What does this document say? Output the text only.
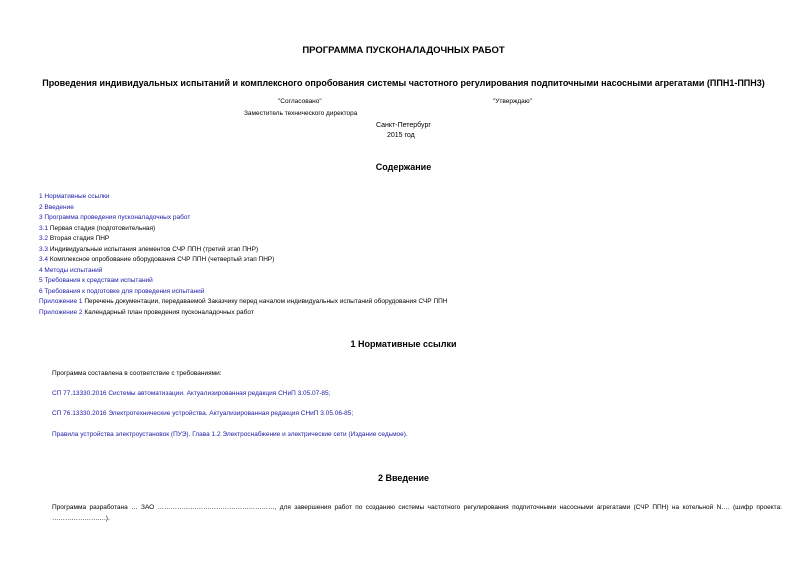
ПРОГРАММА ПУСКОНАЛАДОЧНЫХ РАБОТ
Проведения индивидуальных испытаний и комплексного опробования системы частотного регулирования подпиточными насосными агрегатами (ППН1-ППН3)
"Согласовано"	"Утверждаю"
Заместитель технического директора
Санкт-Петербург
2015 год
Содержание
1 Нормативные ссылки
2 Введение
3 Программа проведения пусконаладочных работ
3.1 Первая стадия (подготовительная)
3.2 Вторая стадия ПНР
3.3 Индивидуальные испытания элементов СЧР ППН (третий этап ПНР)
3.4 Комплексное опробование оборудования СЧР ППН (четвертый этап ПНР)
4 Методы испытаний
5 Требования к средствам испытаний
6 Требования к подготовке для проведения испытаний
Приложение 1 Перечень документации, передаваемой Заказчику перед началом индивидуальных испытаний оборудования СЧР ППН
Приложение 2 Календарный план проведения пусконаладочных работ
1 Нормативные ссылки
Программа составлена в соответствие с требованиями:
СП 77.13330.2016 Системы автоматизации. Актуализированная редакция СНиП 3.05.07-85;
СП 76.13330.2016 Электротехнические устройства. Актуализированная редакция СНиП 3.05.06-85;
Правила устройства электроустановок (ПУЭ). Глава 1.2 Электроснабжение и электрические сети (Издание седьмое).
2 Введение
Программа разработана … ЗАО ………………………………………………, для завершения работ по созданию системы частотного регулирования подпиточными насосными агрегатами (СЧР ППН) на котельной N…. (шифр проекта: …………………….).
